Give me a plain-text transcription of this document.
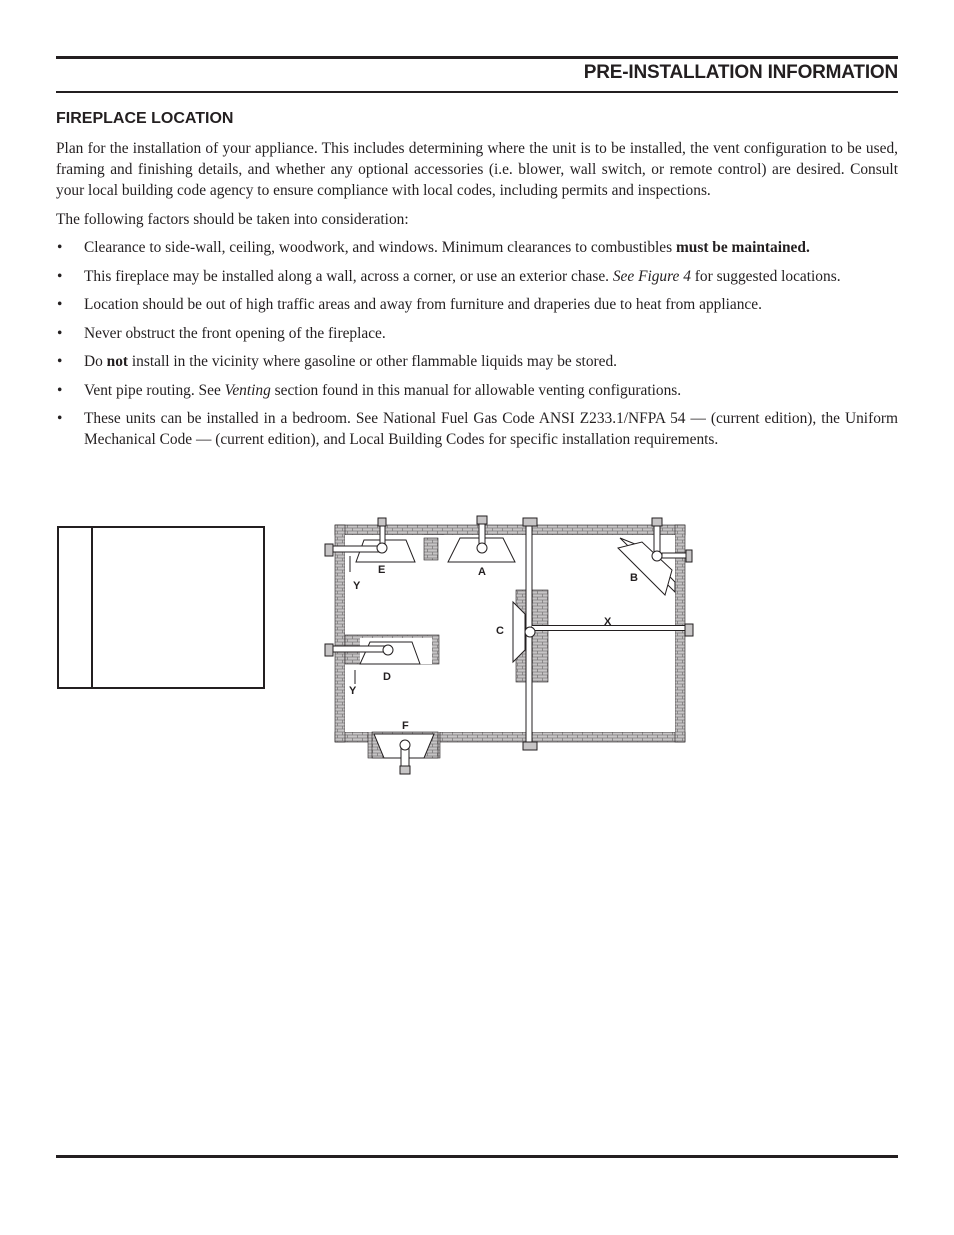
PRE-INSTALLATION INFORMATION
FIREPLACE LOCATION

Plan for the installation of your appliance. This includes determining where the unit is to be installed, the vent configuration to be used, framing and finishing details, and whether any optional accessories (i.e. blower, wall switch, or remote control) are desired. Consult your local building code agency to ensure compliance with local codes, including permits and inspections.

The following factors should be taken into consideration:

• Clearance to side-wall, ceiling, woodwork, and windows. Minimum clearances to combustibles must be maintained.
• This fireplace may be installed along a wall, across a corner, or use an exterior chase. See Figure 4 for suggested locations.
• Location should be out of high traffic areas and away from furniture and draperies due to heat from appliance.
• Never obstruct the front opening of the fireplace.
• Do not install in the vicinity where gasoline or other flammable liquids may be stored.
• Vent pipe routing. See Venting section found in this manual for allowable venting configurations.
• These units can be installed in a bedroom. See National Fuel Gas Code ANSI Z233.1/NFPA 54 — (current edition), the Uniform Mechanical Code — (current edition), and Local Building Codes for specific installation requirements.
E	A	B
C
X
D
F
Y
Y
